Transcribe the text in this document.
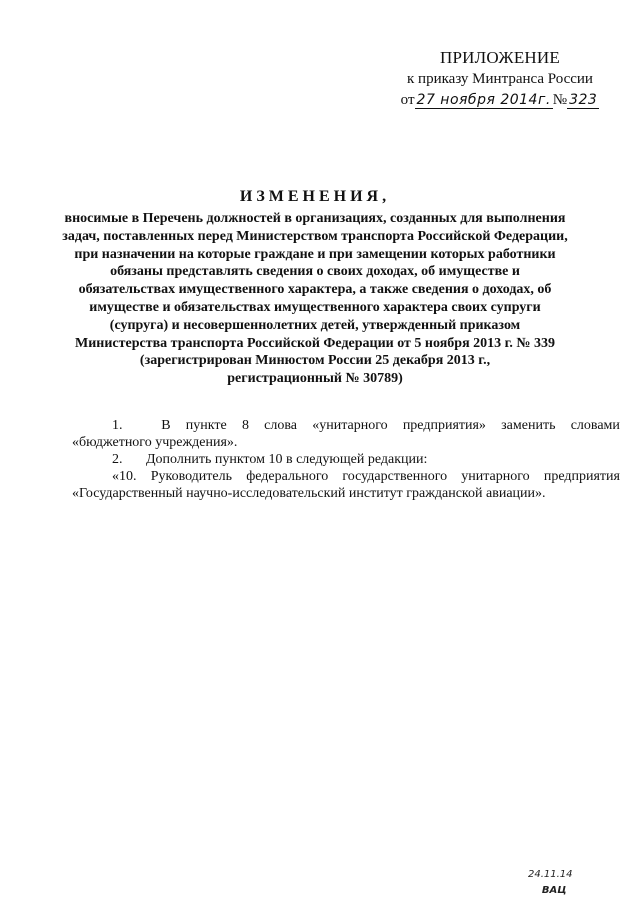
ПРИЛОЖЕНИЕ
к приказу Минтранса России
от 27 ноября 2014г. № 323
ИЗМЕНЕНИЯ,
вносимые в Перечень должностей в организациях, созданных для выполнения
задач, поставленных перед Министерством транспорта Российской Федерации,
при назначении на которые граждане и при замещении которых работники
обязаны представлять сведения о своих доходах, об имуществе и
обязательствах имущественного характера, а также сведения о доходах, об
имуществе и обязательствах имущественного характера своих супруги
(супруга) и несовершеннолетних детей, утвержденный приказом
Министерства транспорта Российской Федерации от 5 ноября 2013 г. № 339
(зарегистрирован Минюстом России 25 декабря 2013 г.,
регистрационный № 30789)
1.	В пункте 8 слова «унитарного предприятия» заменить словами
«бюджетного учреждения».
2. Дополнить пунктом 10 в следующей редакции:
«10. Руководитель федерального государственного унитарного предприятия
«Государственный научно-исследовательский институт гражданской авиации».
24.11.14
ВАЦ
